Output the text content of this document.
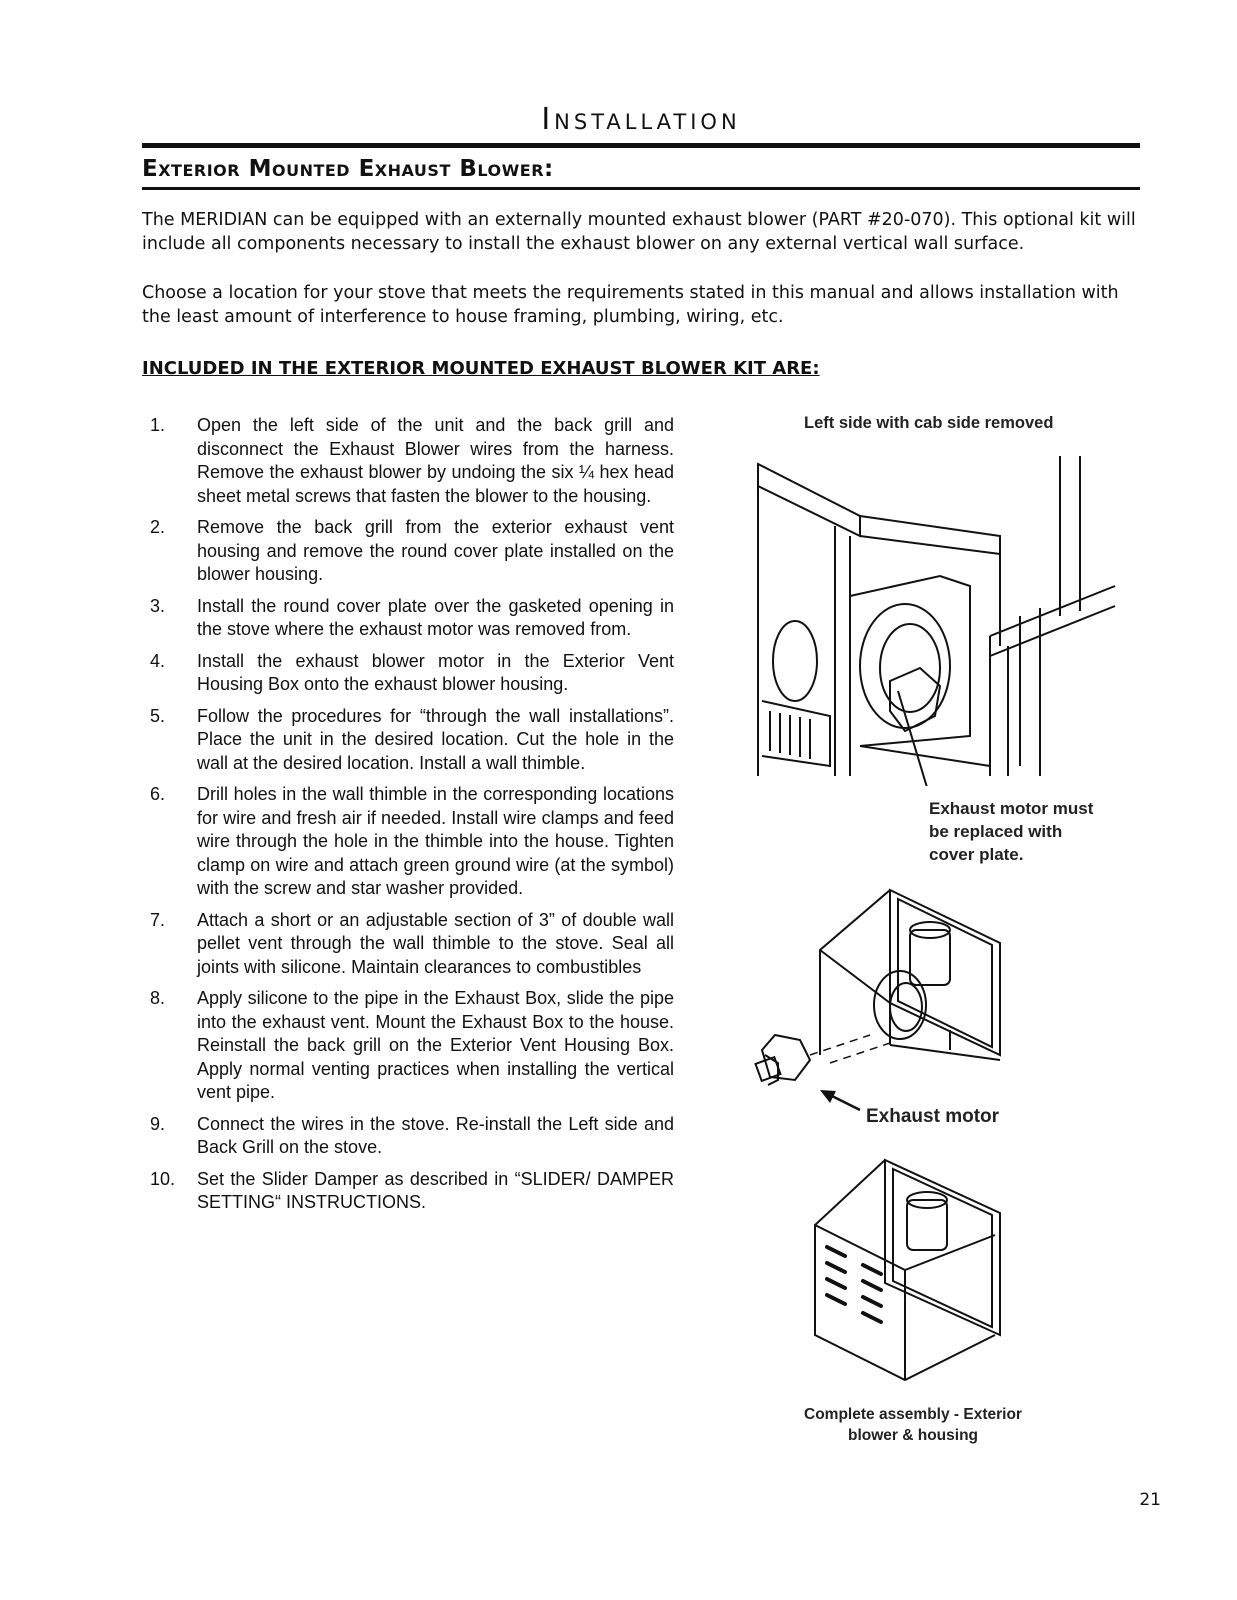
Installation
Exterior Mounted Exhaust Blower:
The MERIDIAN can be equipped with an externally mounted exhaust blower (PART #20-070). This optional kit will include all components necessary to install the exhaust blower on any external vertical wall surface.
Choose a location for your stove that meets the requirements stated in this manual and allows installation with the least amount of interference to house framing, plumbing, wiring, etc.
INCLUDED IN THE EXTERIOR MOUNTED EXHAUST BLOWER KIT ARE:
1. Open the left side of the unit and the back grill and disconnect the Exhaust Blower wires from the harness. Remove the exhaust blower by undoing the six ¼ hex head sheet metal screws that fasten the blower to the housing.
2. Remove the back grill from the exterior exhaust vent housing and remove the round cover plate installed on the blower housing.
3. Install the round cover plate over the gasketed opening in the stove where the exhaust motor was removed from.
4. Install the exhaust blower motor in the Exterior Vent Housing Box onto the exhaust blower housing.
5. Follow the procedures for “through the wall installations”. Place the unit in the desired location. Cut the hole in the wall at the desired location. Install a wall thimble.
6. Drill holes in the wall thimble in the corresponding locations for wire and fresh air if needed. Install wire clamps and feed wire through the hole in the thimble into the house. Tighten clamp on wire and attach green ground wire (at the symbol) with the screw and star washer provided.
7. Attach a short or an adjustable section of 3” of double wall pellet vent through the wall thimble to the stove. Seal all joints with silicone. Maintain clearances to combustibles
8. Apply silicone to the pipe in the Exhaust Box, slide the pipe into the exhaust vent. Mount the Exhaust Box to the house. Reinstall the back grill on the Exterior Vent Housing Box. Apply normal venting practices when installing the vertical vent pipe.
9. Connect the wires in the stove. Re-install the Left side and Back Grill on the stove.
10. Set the Slider Damper as described in “SLIDER/ DAMPER SETTING“ INSTRUCTIONS.
Left side with cab side removed
Exhaust motor must
be replaced with
cover plate.
Exhaust motor
Complete assembly - Exterior
blower & housing
21
